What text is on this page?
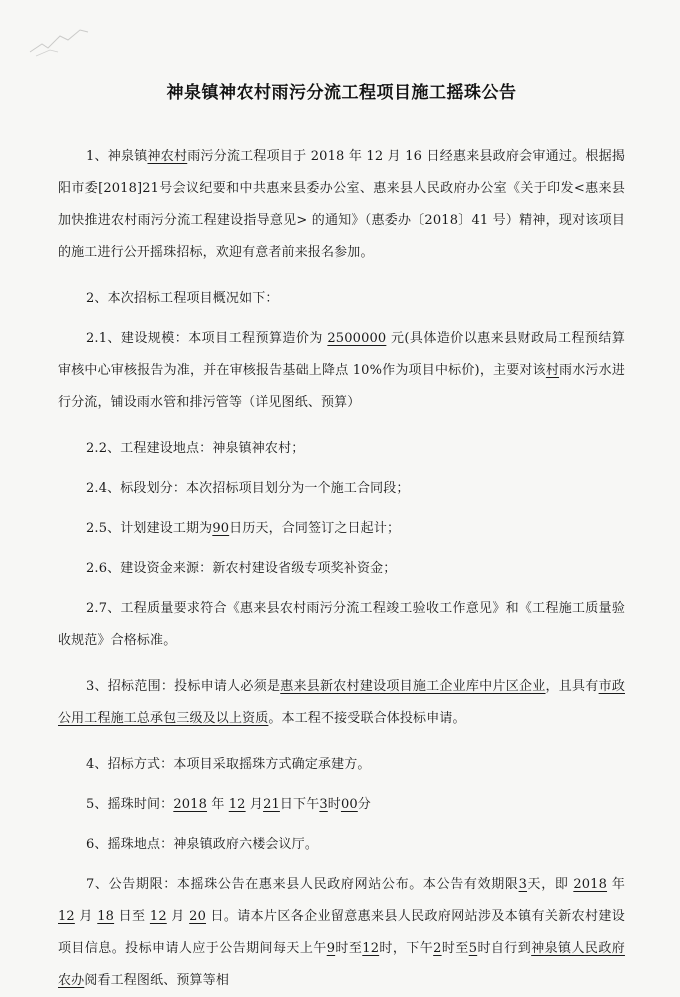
神泉镇神农村雨污分流工程项目施工摇珠公告

1、神泉镇神农村雨污分流工程项目于 2018 年 12 月 16 日经惠来县政府会审通过。根据揭阳市委[2018]21号会议纪要和中共惠来县委办公室、惠来县人民政府办公室《关于印发<惠来县加快推进农村雨污分流工程建设指导意见> 的通知》（惠委办〔2018〕41 号）精神，现对该项目的施工进行公开摇珠招标，欢迎有意者前来报名参加。

2、本次招标工程项目概况如下：

2.1、建设规模：本项目工程预算造价为 2500000 元(具体造价以惠来县财政局工程预结算审核中心审核报告为准，并在审核报告基础上降点 10%作为项目中标价)，主要对该村雨水污水进行分流，铺设雨水管和排污管等（详见图纸、预算）

2.2、工程建设地点：神泉镇神农村；

2.4、标段划分：本次招标项目划分为一个施工合同段；

2.5、计划建设工期为90日历天，合同签订之日起计；

2.6、建设资金来源：新农村建设省级专项奖补资金；

2.7、工程质量要求符合《惠来县农村雨污分流工程竣工验收工作意见》和《工程施工质量验收规范》合格标准。

3、招标范围：投标申请人必须是惠来县新农村建设项目施工企业库中片区企业，且具有市政公用工程施工总承包三级及以上资质。本工程不接受联合体投标申请。

4、招标方式：本项目采取摇珠方式确定承建方。

5、摇珠时间：2018 年 12 月21日下午3时00分

6、摇珠地点：神泉镇政府六楼会议厅。

7、公告期限：本摇珠公告在惠来县人民政府网站公布。本公告有效期限3天，即 2018 年 12 月 18 日至 12 月 20 日。请本片区各企业留意惠来县人民政府网站涉及本镇有关新农村建设项目信息。投标申请人应于公告期间每天上午9时至12时，下午2时至5时自行到神泉镇人民政府农办阅看工程图纸、预算等相
